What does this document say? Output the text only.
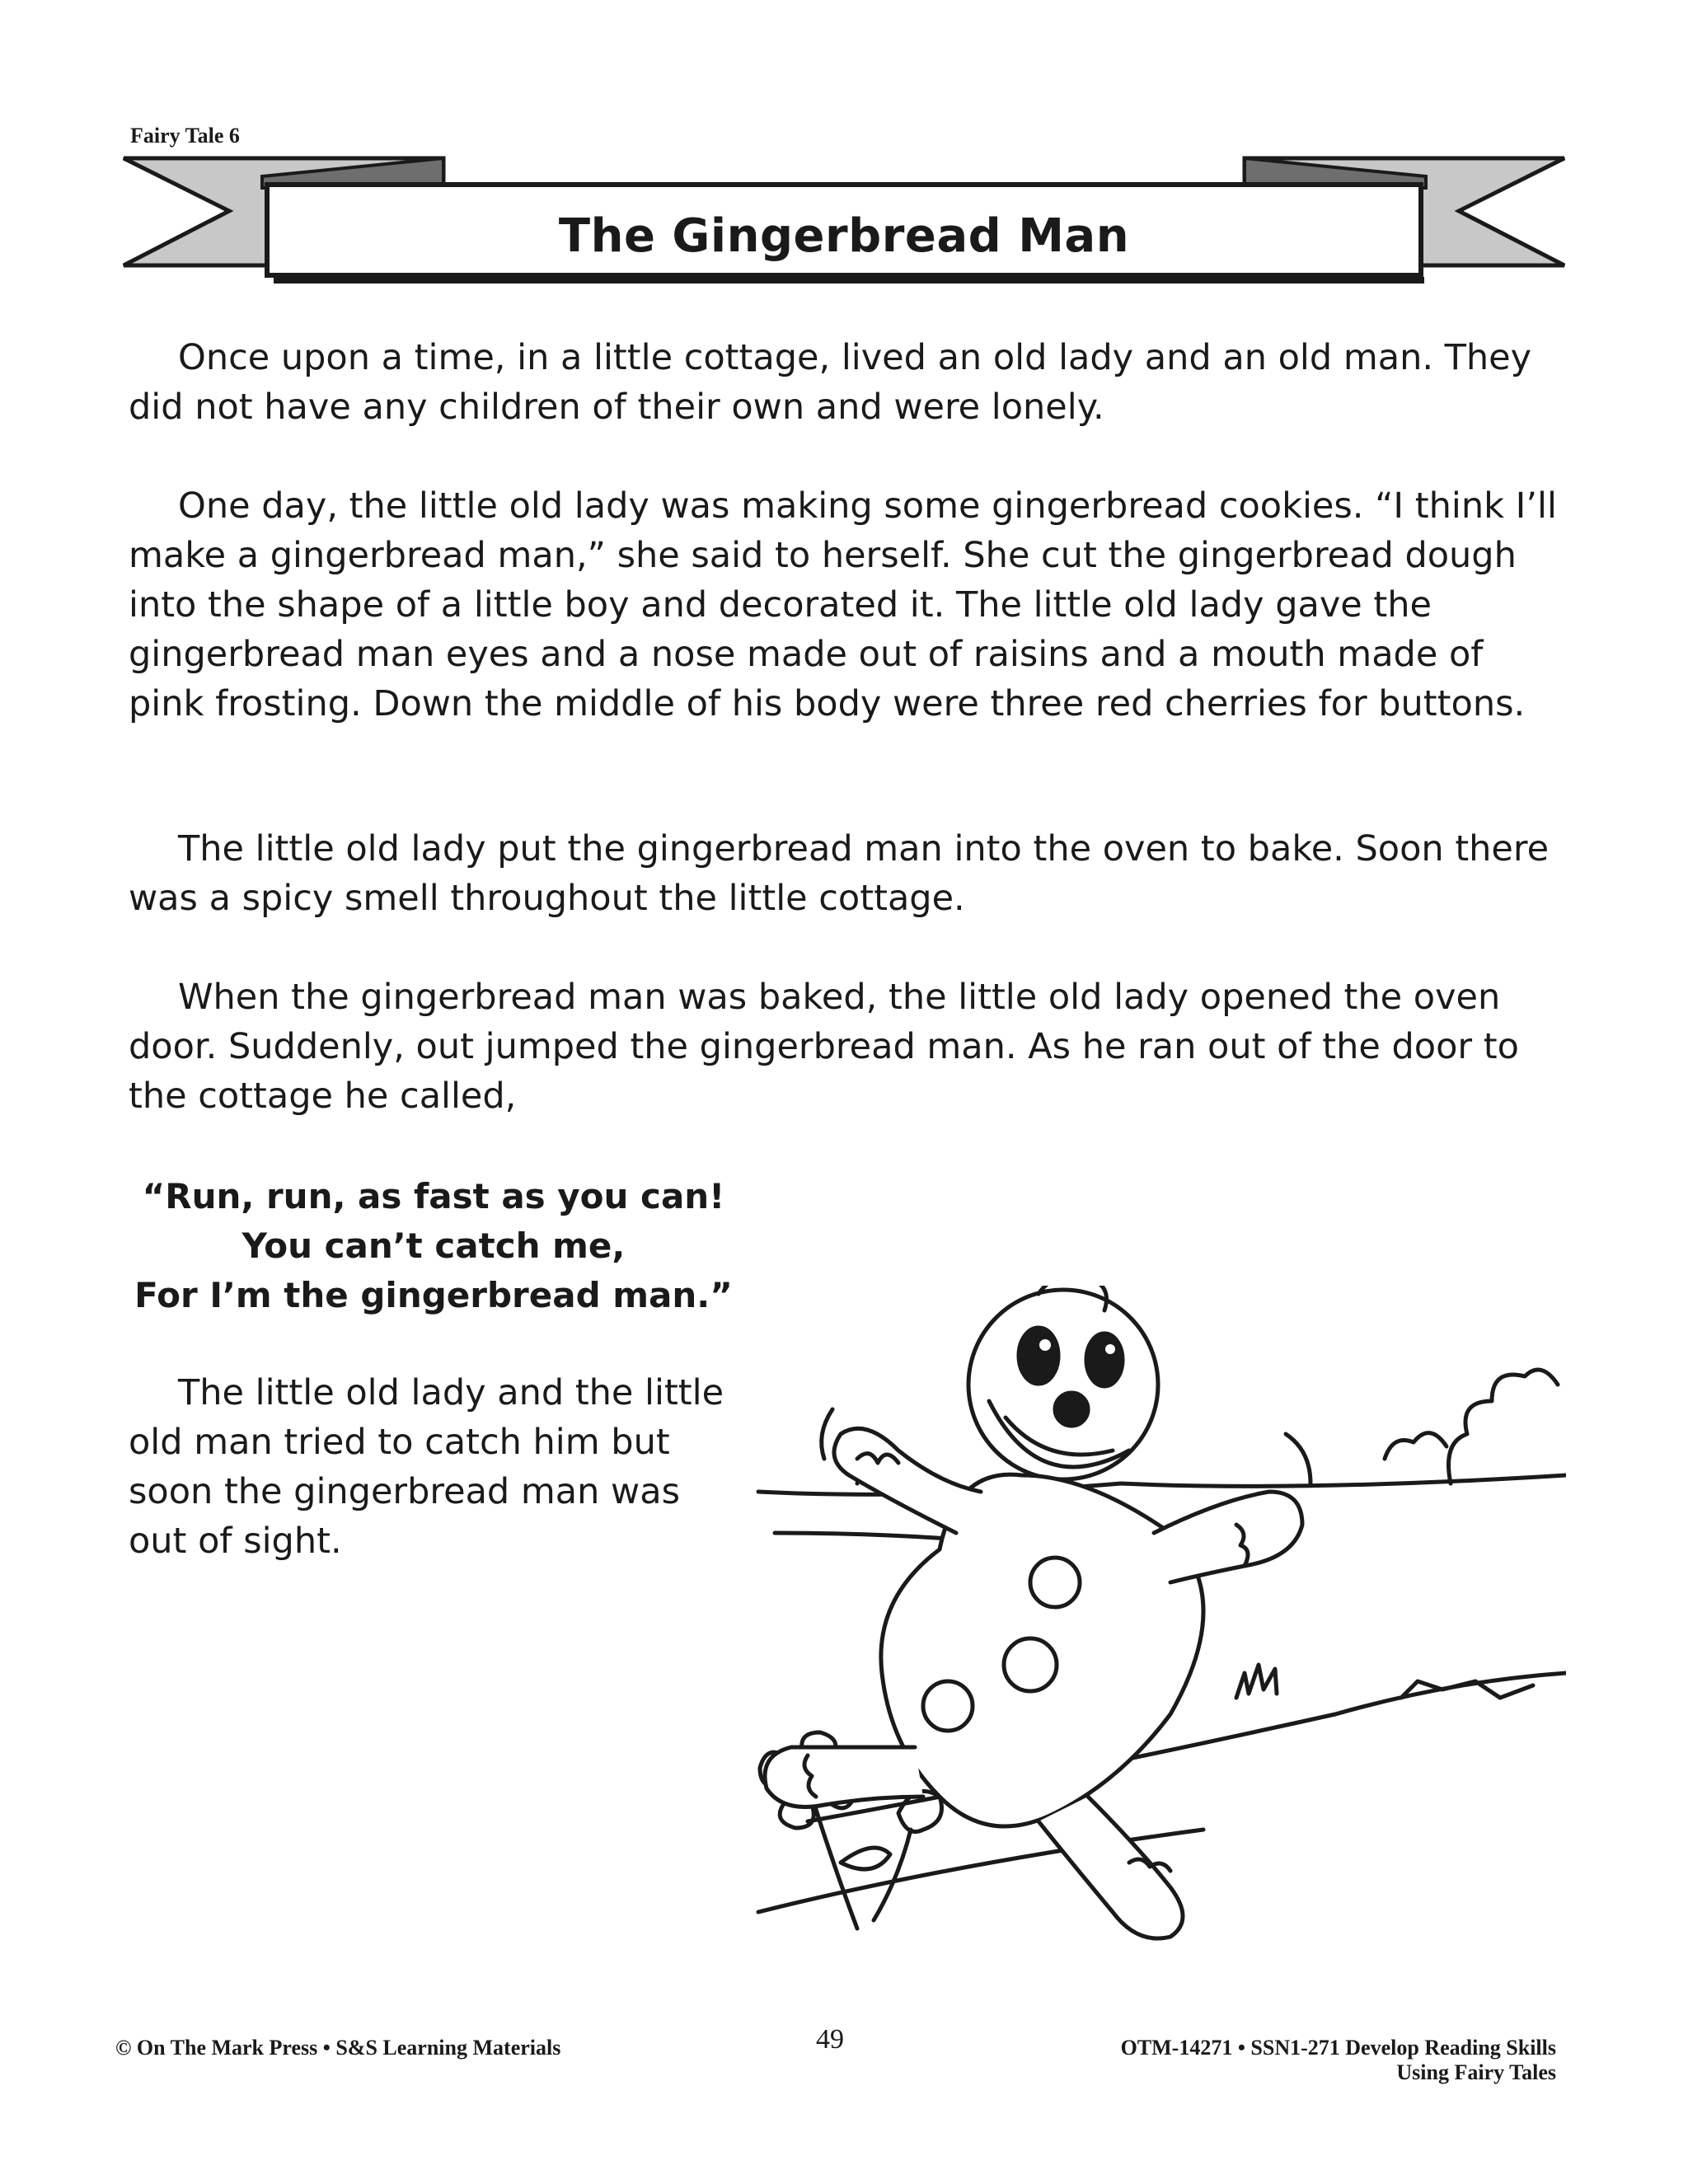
Fairy Tale 6
The Gingerbread Man

Once upon a time, in a little cottage, lived an old lady and an old man. They did not have any children of their own and were lonely.

One day, the little old lady was making some gingerbread cookies. “I think I’ll make a gingerbread man,” she said to herself. She cut the gingerbread dough into the shape of a little boy and decorated it. The little old lady gave the gingerbread man eyes and a nose made out of raisins and a mouth made of pink frosting. Down the middle of his body were three red cherries for buttons.

The little old lady put the gingerbread man into the oven to bake. Soon there was a spicy smell throughout the little cottage.

When the gingerbread man was baked, the little old lady opened the oven door. Suddenly, out jumped the gingerbread man. As he ran out of the door to the cottage he called,

“Run, run, as fast as you can!
You can’t catch me,
For I’m the gingerbread man.”

The little old lady and the little old man tried to catch him but soon the gingerbread man was out of sight.

© On The Mark Press • S&S Learning Materials	49	OTM-14271 • SSN1-271 Develop Reading Skills
Using Fairy Tales
